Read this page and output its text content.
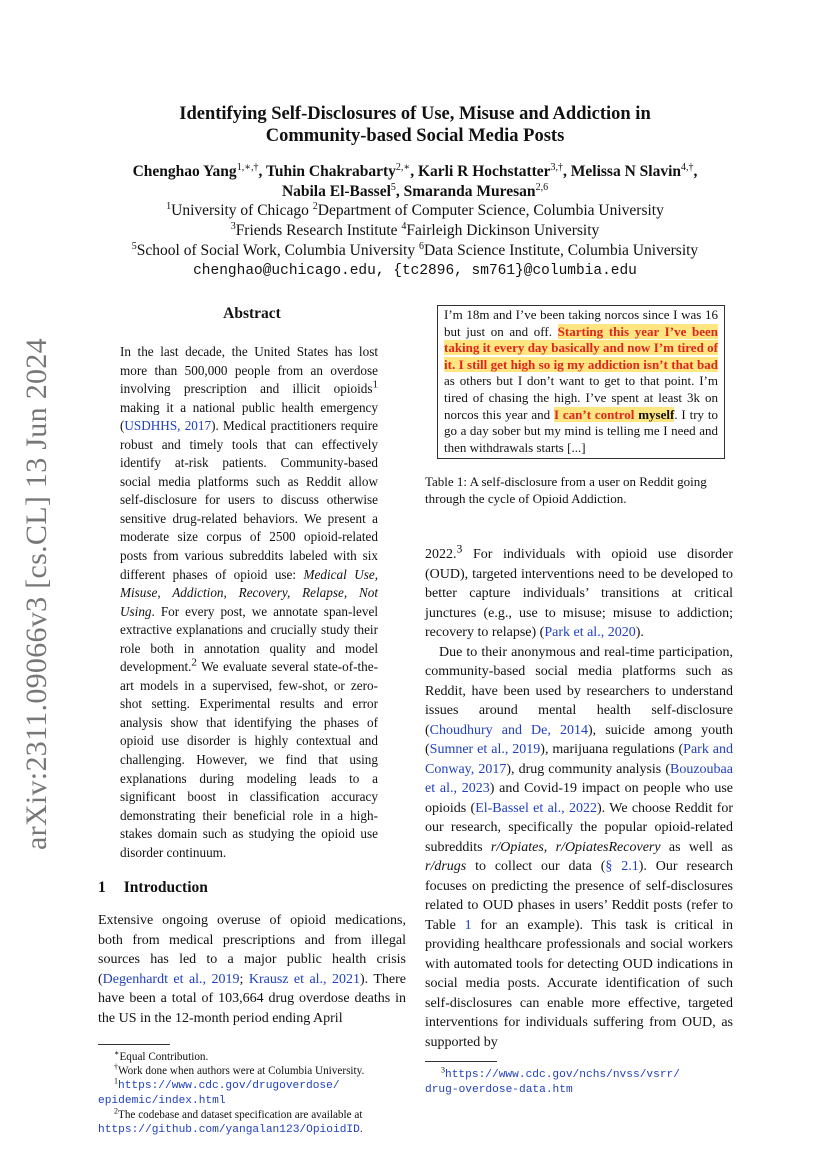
arXiv:2311.09066v3 [cs.CL] 13 Jun 2024
Identifying Self-Disclosures of Use, Misuse and Addiction in
Community-based Social Media Posts
Chenghao Yang$^{1,∗,\dagger}$, Tuhin Chakrabarty$^{2,∗}$, Karli R Hochstatter$^{3,\dagger}$, Melissa N Slavin$^{4,\dagger}$,
Nabila El-Bassel$^5$, Smaranda Muresan$^{2,6}$
$^1$University of Chicago $^2$Department of Computer Science, Columbia University
$^3$Friends Research Institute $^4$Fairleigh Dickinson University
$^5$School of Social Work, Columbia University $^6$Data Science Institute, Columbia University
chenghao@uchicago.edu, {tc2896, sm761}@columbia.edu
Abstract
In the last decade, the United States has lost more than 500,000 people from an overdose involving prescription and illicit opioids$^1$ making it a national public health emergency (USDHHS, 2017). Medical practitioners require robust and timely tools that can effectively identify at-risk patients. Community-based social media platforms such as Reddit allow self-disclosure for users to discuss otherwise sensitive drug-related behaviors. We present a moderate size corpus of 2500 opioid-related posts from various subreddits labeled with six different phases of opioid use: Medical Use, Misuse, Addiction, Recovery, Relapse, Not Using. For every post, we annotate span-level extractive explanations and crucially study their role both in annotation quality and model development.$^2$ We evaluate several state-of-the-art models in a supervised, few-shot, or zero-shot setting. Experimental results and error analysis show that identifying the phases of opioid use disorder is highly contextual and challenging. However, we find that using explanations during modeling leads to a significant boost in classification accuracy demonstrating their beneficial role in a high-stakes domain such as studying the opioid use disorder continuum.
1 Introduction
Extensive ongoing overuse of opioid medications, both from medical prescriptions and from illegal sources has led to a major public health crisis (Degenhardt et al., 2019; Krausz et al., 2021). There have been a total of 103,664 drug overdose deaths in the US in the 12-month period ending April
∗Equal Contribution.
†Work done when authors were at Columbia University.
$^1$https://www.cdc.gov/drugoverdose/
epidemic/index.html
$^2$The codebase and dataset specification are available at
https://github.com/yangalan123/OpioidID.
I’m 18m and I’ve been taking norcos since I was 16 but just on and off. Starting this year I’ve been taking it every day basically and now I’m tired of it. I still get high so ig my addiction isn’t that bad as others but I don’t want to get to that point. I’m tired of chasing the high. I’ve spent at least 3k on norcos this year and I can’t control myself. I try to go a day sober but my mind is telling me I need and then withdrawals starts [...]
Table 1: A self-disclosure from a user on Reddit going through the cycle of Opioid Addiction.

2022.$^3$ For individuals with opioid use disorder (OUD), targeted interventions need to be developed to better capture individuals’ transitions at critical junctures (e.g., use to misuse; misuse to addiction; recovery to relapse) (Park et al., 2020).

Due to their anonymous and real-time participation, community-based social media platforms such as Reddit, have been used by researchers to understand issues around mental health self-disclosure (Choudhury and De, 2014), suicide among youth (Sumner et al., 2019), marijuana regulations (Park and Conway, 2017), drug community analysis (Bouzoubaa et al., 2023) and Covid-19 impact on people who use opioids (El-Bassel et al., 2022). We choose Reddit for our research, specifically the popular opioid-related subreddits r/Opiates, r/OpiatesRecovery as well as r/drugs to collect our data (§ 2.1). Our research focuses on predicting the presence of self-disclosures related to OUD phases in users’ Reddit posts (refer to Table 1 for an example). This task is critical in providing healthcare professionals and social workers with automated tools for detecting OUD indications in social media posts. Accurate identification of such self-disclosures can enable more effective, targeted interventions for individuals suffering from OUD, as supported by

$^3$https://www.cdc.gov/nchs/nvss/vsrr/
drug-overdose-data.htm
